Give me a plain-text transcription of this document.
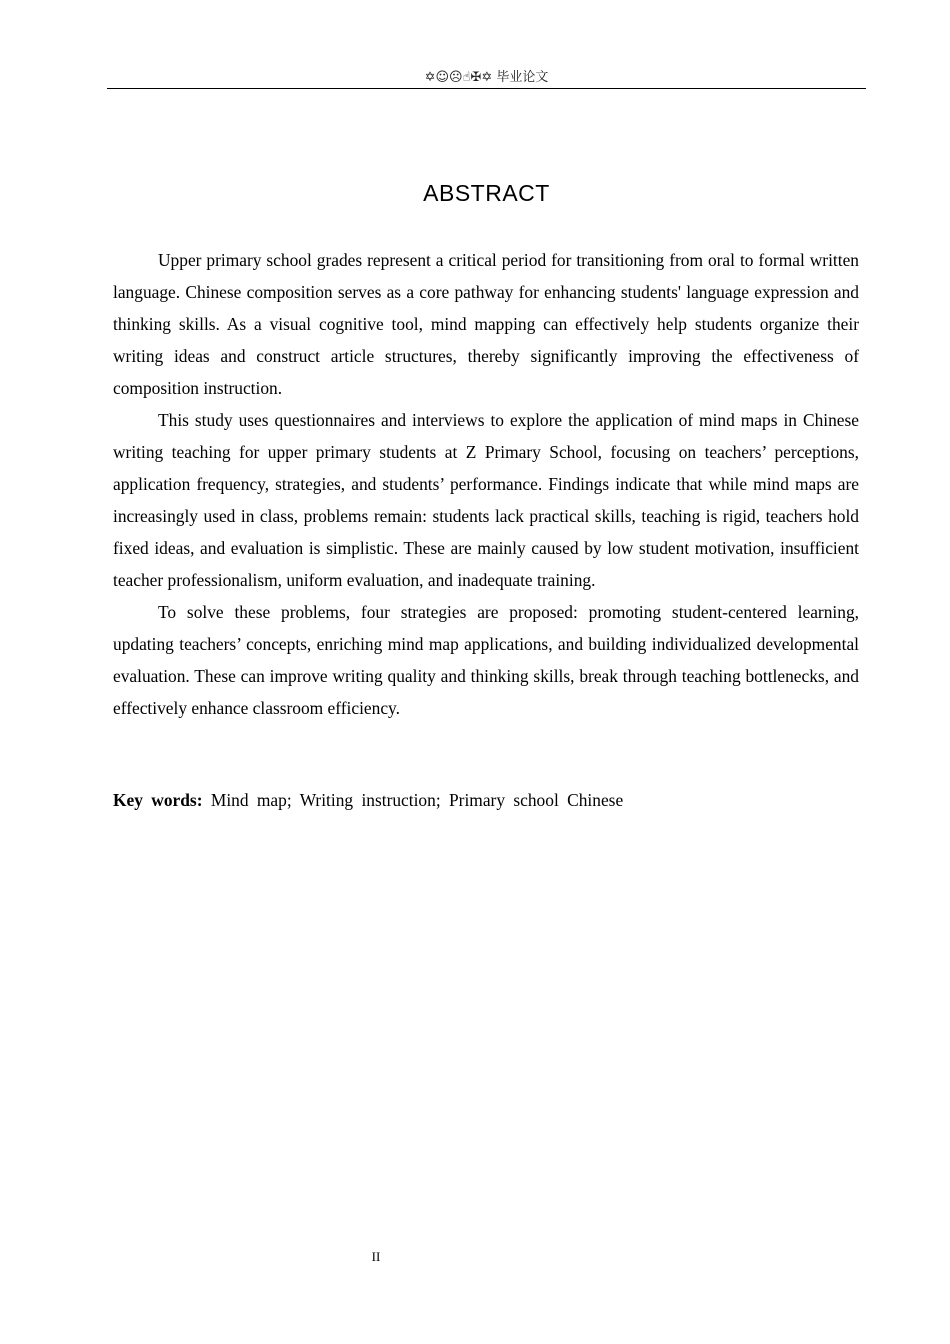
✡☺☹☝✠✡ 毕业论文
ABSTRACT

Upper primary school grades represent a critical period for transitioning from oral to formal written language. Chinese composition serves as a core pathway for enhancing students' language expression and thinking skills. As a visual cognitive tool, mind mapping can effectively help students organize their writing ideas and construct article structures, thereby significantly improving the effectiveness of composition instruction.

This study uses questionnaires and interviews to explore the application of mind maps in Chinese writing teaching for upper primary students at Z Primary School, focusing on teachers’ perceptions, application frequency, strategies, and students’ performance. Findings indicate that while mind maps are increasingly used in class, problems remain: students lack practical skills, teaching is rigid, teachers hold fixed ideas, and evaluation is simplistic. These are mainly caused by low student motivation, insufficient teacher professionalism, uniform evaluation, and inadequate training.

To solve these problems, four strategies are proposed: promoting student-centered learning, updating teachers’ concepts, enriching mind map applications, and building individualized developmental evaluation. These can improve writing quality and thinking skills, break through teaching bottlenecks, and effectively enhance classroom efficiency.

Key words: Mind map; Writing instruction; Primary school Chinese
II
